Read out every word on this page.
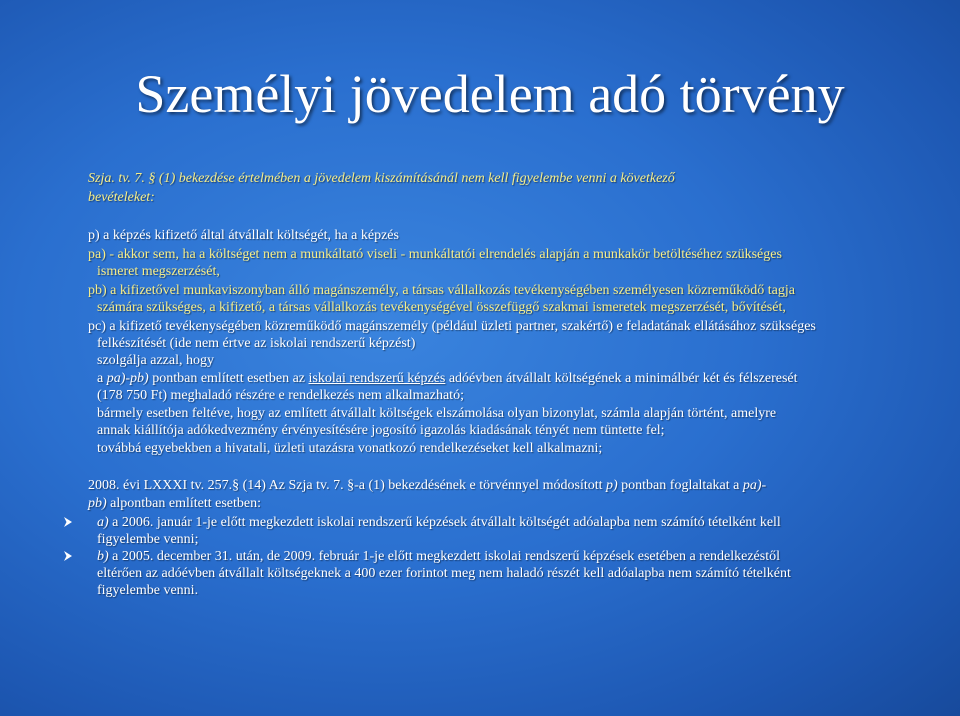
Személyi jövedelem adó törvény
Szja. tv. 7. § (1) bekezdése értelmében a jövedelem kiszámításánál nem kell figyelembe venni a következő
bevételeket:
p) a képzés kifizető által átvállalt költségét, ha a képzés
pa) - akkor sem, ha a költséget nem a munkáltató viseli - munkáltatói elrendelés alapján a munkakör betöltéséhez szükséges
ismeret megszerzését,
pb) a kifizetővel munkaviszonyban álló magánszemély, a társas vállalkozás tevékenységében személyesen közreműködő tagja
számára szükséges, a kifizető, a társas vállalkozás tevékenységével összefüggő szakmai ismeretek megszerzését, bővítését,
pc) a kifizető tevékenységében közreműködő magánszemély (például üzleti partner, szakértő) e feladatának ellátásához szükséges
felkészítését (ide nem értve az iskolai rendszerű képzést)
szolgálja azzal, hogy
a pa)-pb) pontban említett esetben az iskolai rendszerű képzés adóévben átvállalt költségének a minimálbér két és félszeresét
(178 750 Ft) meghaladó részére e rendelkezés nem alkalmazható;
bármely esetben feltéve, hogy az említett átvállalt költségek elszámolása olyan bizonylat, számla alapján történt, amelyre
annak kiállítója adókedvezmény érvényesítésére jogosító igazolás kiadásának tényét nem tüntette fel;
továbbá egyebekben a hivatali, üzleti utazásra vonatkozó rendelkezéseket kell alkalmazni;
2008. évi LXXXI tv. 257.§ (14) Az Szja tv. 7. §-a (1) bekezdésének e törvénnyel módosított p) pontban foglaltakat a pa)-
pb) alpontban említett esetben:
a) a 2006. január 1-je előtt megkezdett iskolai rendszerű képzések átvállalt költségét adóalapba nem számító tételként kell
figyelembe venni;
b) a 2005. december 31. után, de 2009. február 1-je előtt megkezdett iskolai rendszerű képzések esetében a rendelkezéstől
eltérően az adóévben átvállalt költségeknek a 400 ezer forintot meg nem haladó részét kell adóalapba nem számító tételként
figyelembe venni.
